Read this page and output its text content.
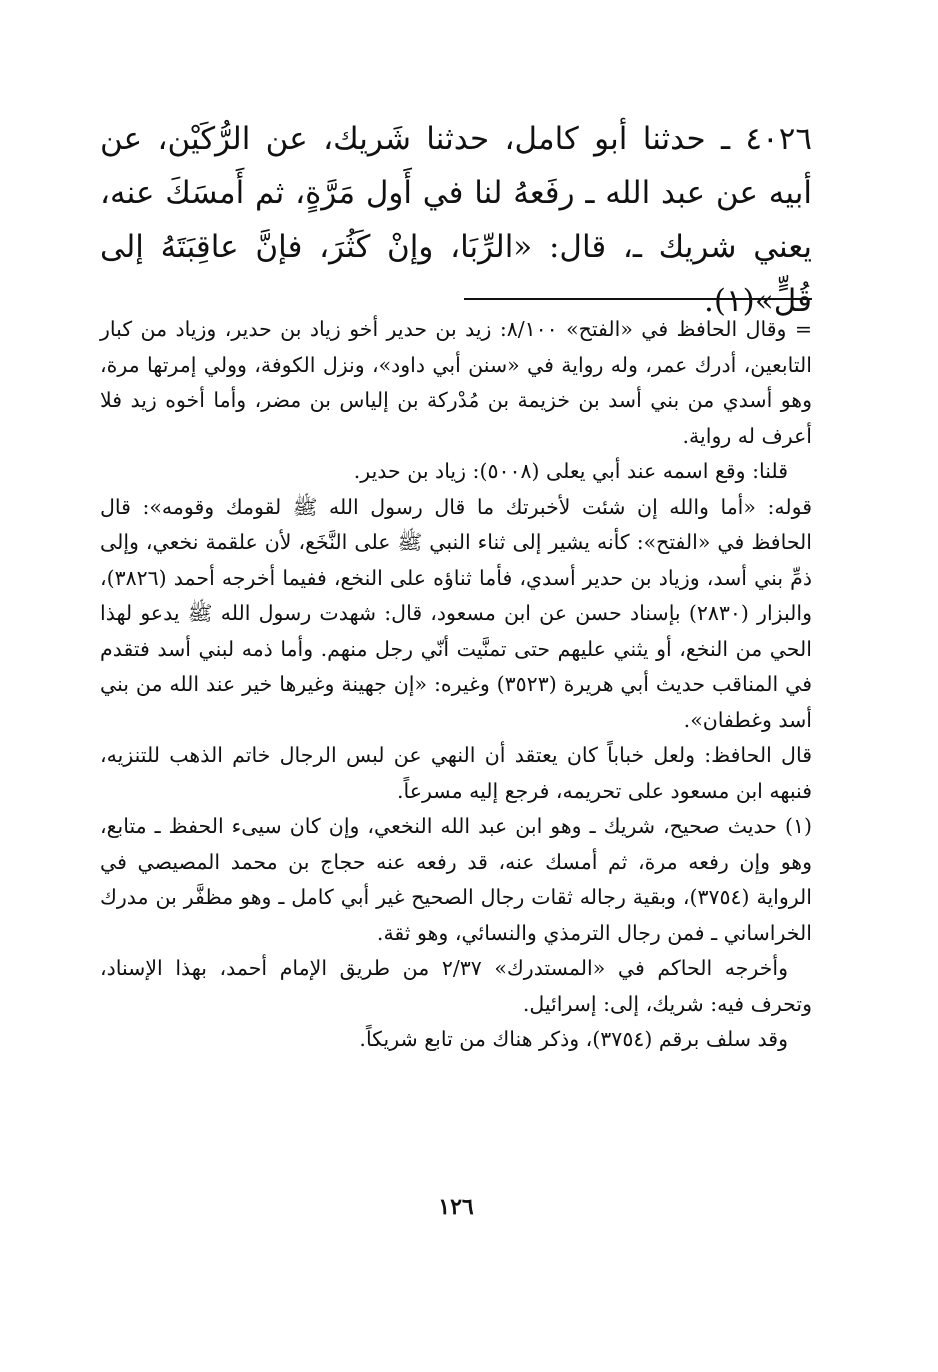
٤٠٢٦ ـ حدثنا أبو كامل، حدثنا شَريك، عن الرُّكَيْن، عن أبيه عن عبد الله ـ رفَعهُ لنا في أَول مَرَّةٍ، ثم أَمسَكَ عنه، يعني شريك ـ، قال: «الرِّبَا، وإنْ كَثُرَ، فإنَّ عاقِبَتَهُ إلى قُلٍّ»(١).

= وقال الحافظ في «الفتح» ٨/١٠٠: زيد بن حدير أخو زياد بن حدير، وزياد من كبار التابعين، أدرك عمر، وله رواية في «سنن أبي داود»، ونزل الكوفة، وولي إمرتها مرة، وهو أسدي من بني أسد بن خزيمة بن مُدْركة بن إلياس بن مضر، وأما أخوه زيد فلا أعرف له رواية.

قلنا: وقع اسمه عند أبي يعلى (٥٠٠٨): زياد بن حدير.

قوله: «أما والله إن شئت لأخبرتك ما قال رسول الله ﷺ لقومك وقومه»: قال الحافظ في «الفتح»: كأنه يشير إلى ثناء النبي ﷺ على النَّخَع، لأن علقمة نخعي، وإلى ذمِّ بني أسد، وزياد بن حدير أسدي، فأما ثناؤه على النخع، ففيما أخرجه أحمد (٣٨٢٦)، والبزار (٢٨٣٠) بإسناد حسن عن ابن مسعود، قال: شهدت رسول الله ﷺ يدعو لهذا الحي من النخع، أو يثني عليهم حتى تمنَّيت أنّي رجل منهم. وأما ذمه لبني أسد فتقدم في المناقب حديث أبي هريرة (٣٥٢٣) وغيره: «إن جهينة وغيرها خير عند الله من بني أسد وغطفان».

قال الحافظ: ولعل خباباً كان يعتقد أن النهي عن لبس الرجال خاتم الذهب للتنزيه، فنبهه ابن مسعود على تحريمه، فرجع إليه مسرعاً.

(١) حديث صحيح، شريك ـ وهو ابن عبد الله النخعي، وإن كان سيىء الحفظ ـ متابع، وهو وإن رفعه مرة، ثم أمسك عنه، قد رفعه عنه حجاج بن محمد المصيصي في الرواية (٣٧٥٤)، وبقية رجاله ثقات رجال الصحيح غير أبي كامل ـ وهو مظفَّر بن مدرك الخراساني ـ فمن رجال الترمذي والنسائي، وهو ثقة.

وأخرجه الحاكم في «المستدرك» ٢/٣٧ من طريق الإمام أحمد، بهذا الإسناد، وتحرف فيه: شريك، إلى: إسرائيل.

وقد سلف برقم (٣٧٥٤)، وذكر هناك من تابع شريكاً.

١٢٦
